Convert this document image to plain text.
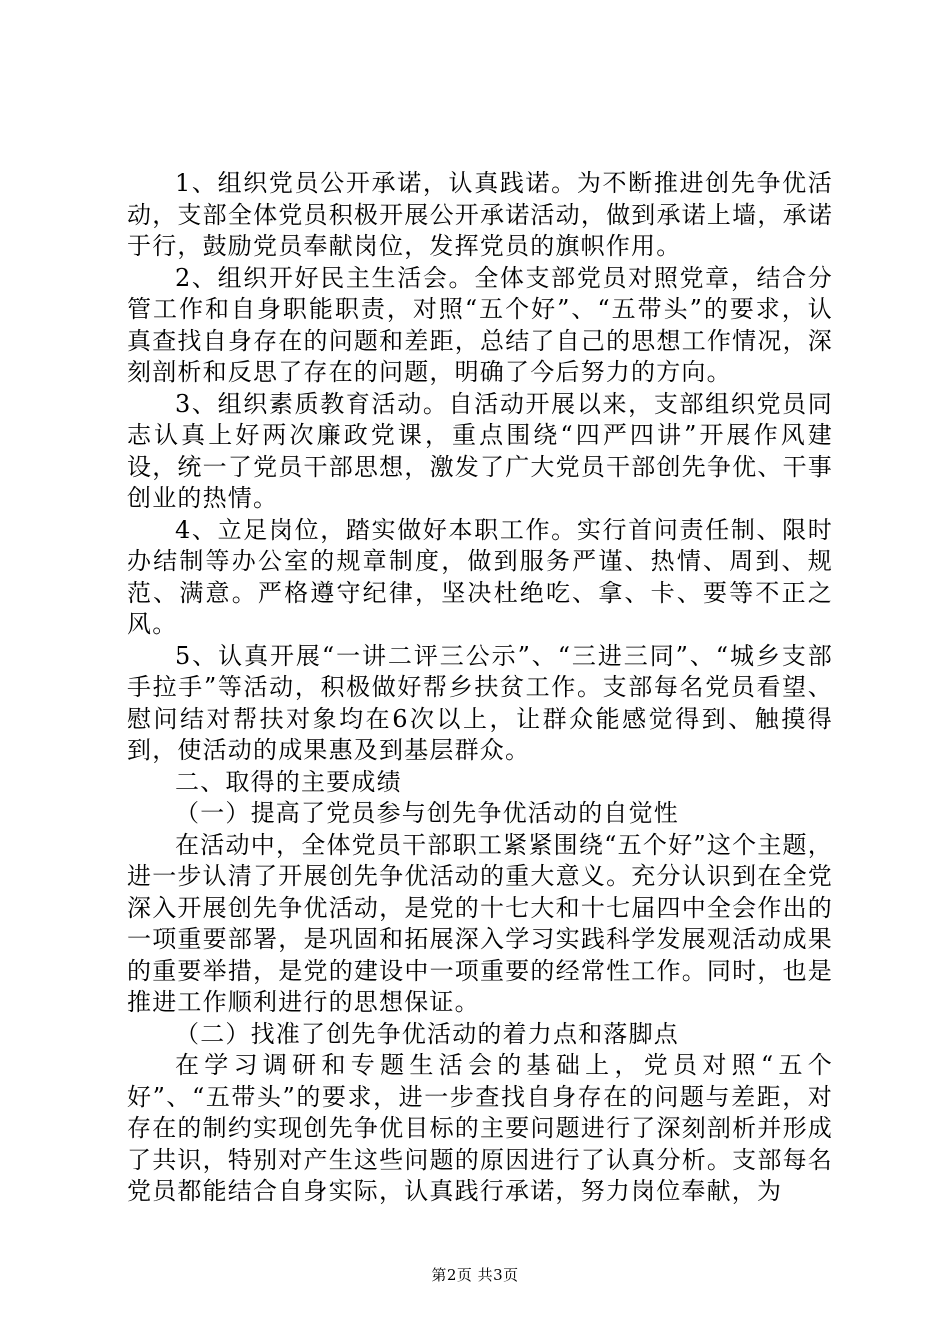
1、组织党员公开承诺，认真践诺。为不断推进创先争优活动，支部全体党员积极开展公开承诺活动，做到承诺上墙，承诺于行，鼓励党员奉献岗位，发挥党员的旗帜作用。

2、组织开好民主生活会。全体支部党员对照党章，结合分管工作和自身职能职责，对照“五个好”、“五带头”的要求，认真查找自身存在的问题和差距，总结了自己的思想工作情况，深刻剖析和反思了存在的问题，明确了今后努力的方向。

3、组织素质教育活动。自活动开展以来，支部组织党员同志认真上好两次廉政党课，重点围绕“四严四讲”开展作风建设，统一了党员干部思想，激发了广大党员干部创先争优、干事创业的热情。

4、立足岗位，踏实做好本职工作。实行首问责任制、限时办结制等办公室的规章制度，做到服务严谨、热情、周到、规范、满意。严格遵守纪律，坚决杜绝吃、拿、卡、要等不正之风。

5、认真开展“一讲二评三公示”、“三进三同”、“城乡支部手拉手”等活动，积极做好帮乡扶贫工作。支部每名党员看望、慰问结对帮扶对象均在6次以上，让群众能感觉得到、触摸得到，使活动的成果惠及到基层群众。

二、取得的主要成绩

（一）提高了党员参与创先争优活动的自觉性

在活动中，全体党员干部职工紧紧围绕“五个好”这个主题，进一步认清了开展创先争优活动的重大意义。充分认识到在全党深入开展创先争优活动，是党的十七大和十七届四中全会作出的一项重要部署，是巩固和拓展深入学习实践科学发展观活动成果的重要举措，是党的建设中一项重要的经常性工作。同时，也是推进工作顺利进行的思想保证。

（二）找准了创先争优活动的着力点和落脚点

在学习调研和专题生活会的基础上，党员对照“五个好”、“五带头”的要求，进一步查找自身存在的问题与差距，对存在的制约实现创先争优目标的主要问题进行了深刻剖析并形成了共识，特别对产生这些问题的原因进行了认真分析。支部每名党员都能结合自身实际，认真践行承诺，努力岗位奉献，为

第2页 共3页
